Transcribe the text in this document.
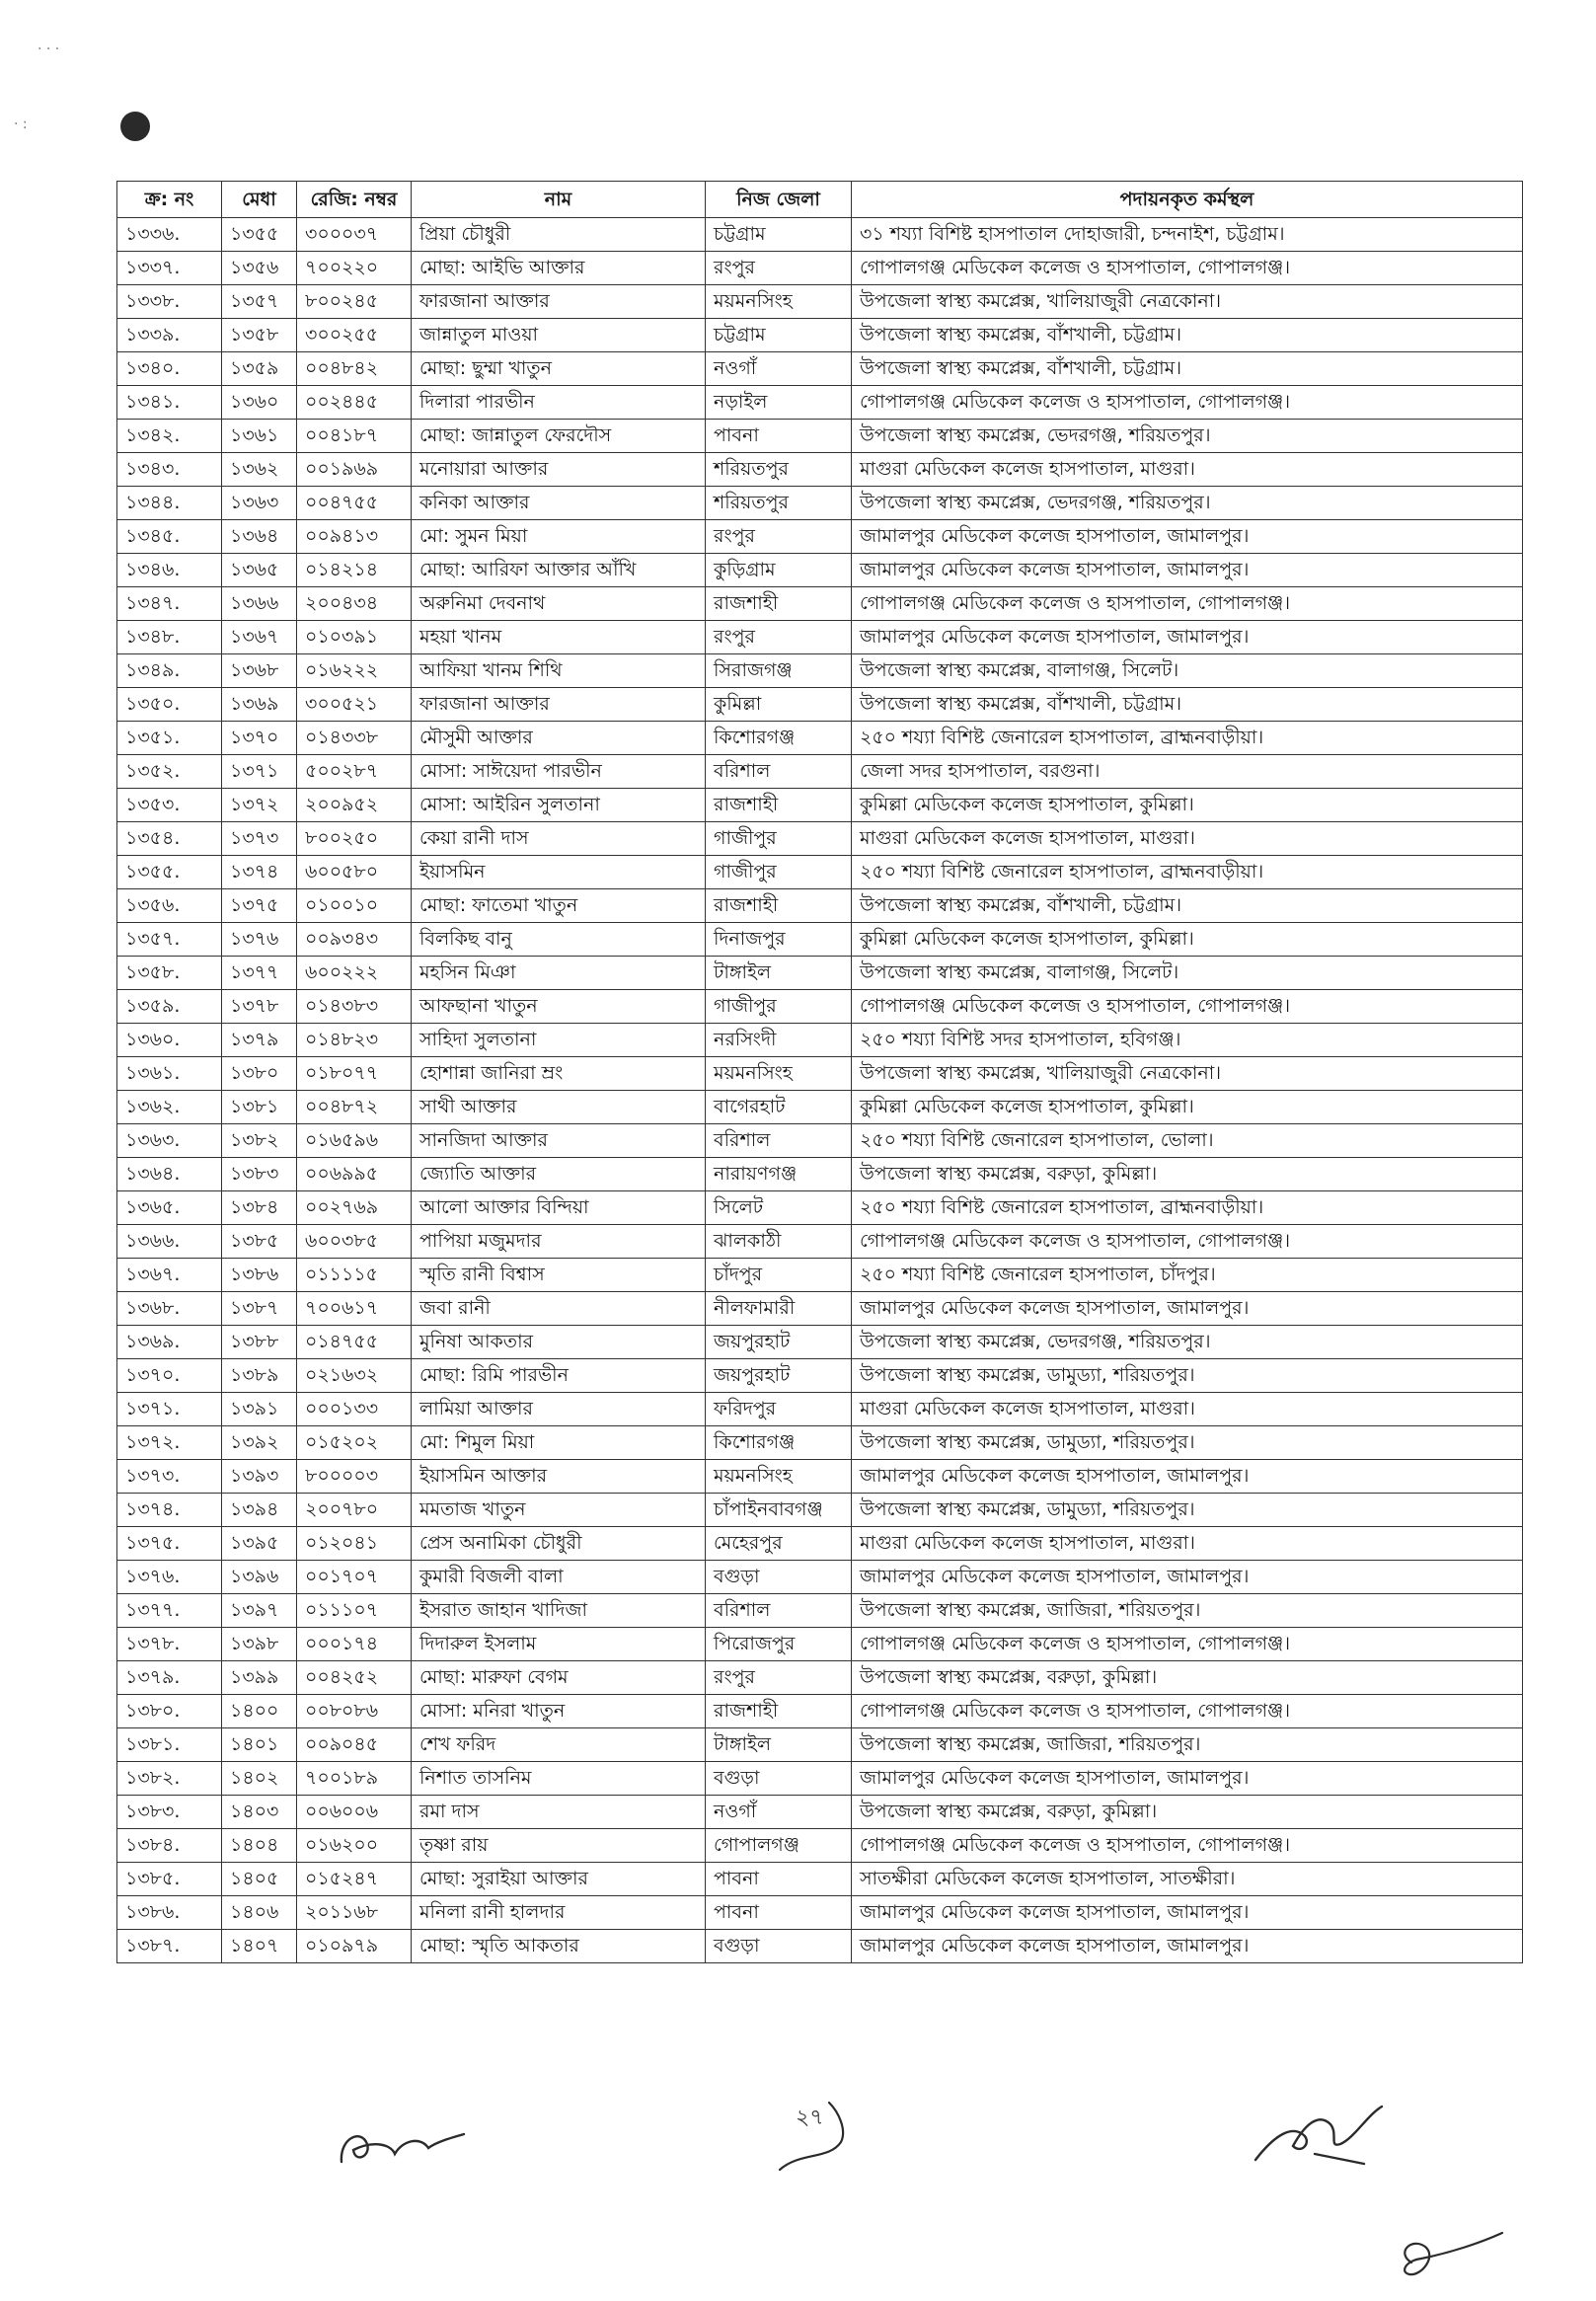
· · ·
· :
ক্র: নং	মেধা	রেজি: নম্বর	নাম	নিজ জেলা	পদায়নকৃত কর্মস্থল
১৩৩৬.	১৩৫৫	৩০০০৩৭	প্রিয়া চৌধুরী	চট্টগ্রাম	৩১ শয্যা বিশিষ্ট হাসপাতাল দোহাজারী, চন্দনাইশ, চট্টগ্রাম।
১৩৩৭.	১৩৫৬	৭০০২২০	মোছা: আইভি আক্তার	রংপুর	গোপালগঞ্জ মেডিকেল কলেজ ও হাসপাতাল, গোপালগঞ্জ।
১৩৩৮.	১৩৫৭	৮০০২৪৫	ফারজানা আক্তার	ময়মনসিংহ	উপজেলা স্বাস্থ্য কমপ্লেক্স, খালিয়াজুরী নেত্রকোনা।
১৩৩৯.	১৩৫৮	৩০০২৫৫	জান্নাতুল মাওয়া	চট্টগ্রাম	উপজেলা স্বাস্থ্য কমপ্লেক্স, বাঁশখালী, চট্টগ্রাম।
১৩৪০.	১৩৫৯	০০৪৮৪২	মোছা: ছুম্মা খাতুন	নওগাঁ	উপজেলা স্বাস্থ্য কমপ্লেক্স, বাঁশখালী, চট্টগ্রাম।
১৩৪১.	১৩৬০	০০২৪৪৫	দিলারা পারভীন	নড়াইল	গোপালগঞ্জ মেডিকেল কলেজ ও হাসপাতাল, গোপালগঞ্জ।
১৩৪২.	১৩৬১	০০৪১৮৭	মোছা: জান্নাতুল ফেরদৌস	পাবনা	উপজেলা স্বাস্থ্য কমপ্লেক্স, ভেদরগঞ্জ, শরিয়তপুর।
১৩৪৩.	১৩৬২	০০১৯৬৯	মনোয়ারা আক্তার	শরিয়তপুর	মাগুরা মেডিকেল কলেজ হাসপাতাল, মাগুরা।
১৩৪৪.	১৩৬৩	০০৪৭৫৫	কনিকা আক্তার	শরিয়তপুর	উপজেলা স্বাস্থ্য কমপ্লেক্স, ভেদরগঞ্জ, শরিয়তপুর।
১৩৪৫.	১৩৬৪	০০৯৪১৩	মো: সুমন মিয়া	রংপুর	জামালপুর মেডিকেল কলেজ হাসপাতাল, জামালপুর।
১৩৪৬.	১৩৬৫	০১৪২১৪	মোছা: আরিফা আক্তার আঁখি	কুড়িগ্রাম	জামালপুর মেডিকেল কলেজ হাসপাতাল, জামালপুর।
১৩৪৭.	১৩৬৬	২০০৪৩৪	অরুনিমা দেবনাথ	রাজশাহী	গোপালগঞ্জ মেডিকেল কলেজ ও হাসপাতাল, গোপালগঞ্জ।
১৩৪৮.	১৩৬৭	০১০৩৯১	মহয়া খানম	রংপুর	জামালপুর মেডিকেল কলেজ হাসপাতাল, জামালপুর।
১৩৪৯.	১৩৬৮	০১৬২২২	আফিয়া খানম শিথি	সিরাজগঞ্জ	উপজেলা স্বাস্থ্য কমপ্লেক্স, বালাগঞ্জ, সিলেট।
১৩৫০.	১৩৬৯	৩০০৫২১	ফারজানা আক্তার	কুমিল্লা	উপজেলা স্বাস্থ্য কমপ্লেক্স, বাঁশখালী, চট্টগ্রাম।
১৩৫১.	১৩৭০	০১৪৩৩৮	মৌসুমী আক্তার	কিশোরগঞ্জ	২৫০ শয্যা বিশিষ্ট জেনারেল হাসপাতাল, ব্রাহ্মনবাড়ীয়া।
১৩৫২.	১৩৭১	৫০০২৮৭	মোসা: সাঈয়েদা পারভীন	বরিশাল	জেলা সদর হাসপাতাল, বরগুনা।
১৩৫৩.	১৩৭২	২০০৯৫২	মোসা: আইরিন সুলতানা	রাজশাহী	কুমিল্লা মেডিকেল কলেজ হাসপাতাল, কুমিল্লা।
১৩৫৪.	১৩৭৩	৮০০২৫০	কেয়া রানী দাস	গাজীপুর	মাগুরা মেডিকেল কলেজ হাসপাতাল, মাগুরা।
১৩৫৫.	১৩৭৪	৬০০৫৮০	ইয়াসমিন	গাজীপুর	২৫০ শয্যা বিশিষ্ট জেনারেল হাসপাতাল, ব্রাহ্মনবাড়ীয়া।
১৩৫৬.	১৩৭৫	০১০০১০	মোছা: ফাতেমা খাতুন	রাজশাহী	উপজেলা স্বাস্থ্য কমপ্লেক্স, বাঁশখালী, চট্টগ্রাম।
১৩৫৭.	১৩৭৬	০০৯৩৪৩	বিলকিছ বানু	দিনাজপুর	কুমিল্লা মেডিকেল কলেজ হাসপাতাল, কুমিল্লা।
১৩৫৮.	১৩৭৭	৬০০২২২	মহসিন মিঞা	টাঙ্গাইল	উপজেলা স্বাস্থ্য কমপ্লেক্স, বালাগঞ্জ, সিলেট।
১৩৫৯.	১৩৭৮	০১৪৩৮৩	আফছানা খাতুন	গাজীপুর	গোপালগঞ্জ মেডিকেল কলেজ ও হাসপাতাল, গোপালগঞ্জ।
১৩৬০.	১৩৭৯	০১৪৮২৩	সাহিদা সুলতানা	নরসিংদী	২৫০ শয্যা বিশিষ্ট সদর হাসপাতাল, হবিগঞ্জ।
১৩৬১.	১৩৮০	০১৮০৭৭	হোশান্না জানিরা ম্রং	ময়মনসিংহ	উপজেলা স্বাস্থ্য কমপ্লেক্স, খালিয়াজুরী নেত্রকোনা।
১৩৬২.	১৩৮১	০০৪৮৭২	সাথী আক্তার	বাগেরহাট	কুমিল্লা মেডিকেল কলেজ হাসপাতাল, কুমিল্লা।
১৩৬৩.	১৩৮২	০১৬৫৯৬	সানজিদা আক্তার	বরিশাল	২৫০ শয্যা বিশিষ্ট জেনারেল হাসপাতাল, ভোলা।
১৩৬৪.	১৩৮৩	০০৬৯৯৫	জ্যোতি আক্তার	নারায়ণগঞ্জ	উপজেলা স্বাস্থ্য কমপ্লেক্স, বরুড়া, কুমিল্লা।
১৩৬৫.	১৩৮৪	০০২৭৬৯	আলো আক্তার বিন্দিয়া	সিলেট	২৫০ শয্যা বিশিষ্ট জেনারেল হাসপাতাল, ব্রাহ্মনবাড়ীয়া।
১৩৬৬.	১৩৮৫	৬০০৩৮৫	পাপিয়া মজুমদার	ঝালকাঠী	গোপালগঞ্জ মেডিকেল কলেজ ও হাসপাতাল, গোপালগঞ্জ।
১৩৬৭.	১৩৮৬	০১১১১৫	স্মৃতি রানী বিশ্বাস	চাঁদপুর	২৫০ শয্যা বিশিষ্ট জেনারেল হাসপাতাল, চাঁদপুর।
১৩৬৮.	১৩৮৭	৭০০৬১৭	জবা রানী	নীলফামারী	জামালপুর মেডিকেল কলেজ হাসপাতাল, জামালপুর।
১৩৬৯.	১৩৮৮	০১৪৭৫৫	মুনিষা আকতার	জয়পুরহাট	উপজেলা স্বাস্থ্য কমপ্লেক্স, ভেদরগঞ্জ, শরিয়তপুর।
১৩৭০.	১৩৮৯	০২১৬৩২	মোছা: রিমি পারভীন	জয়পুরহাট	উপজেলা স্বাস্থ্য কমপ্লেক্স, ডামুড্যা, শরিয়তপুর।
১৩৭১.	১৩৯১	০০০১৩৩	লামিয়া আক্তার	ফরিদপুর	মাগুরা মেডিকেল কলেজ হাসপাতাল, মাগুরা।
১৩৭২.	১৩৯২	০১৫২০২	মো: শিমুল মিয়া	কিশোরগঞ্জ	উপজেলা স্বাস্থ্য কমপ্লেক্স, ডামুড্যা, শরিয়তপুর।
১৩৭৩.	১৩৯৩	৮০০০০৩	ইয়াসমিন আক্তার	ময়মনসিংহ	জামালপুর মেডিকেল কলেজ হাসপাতাল, জামালপুর।
১৩৭৪.	১৩৯৪	২০০৭৮০	মমতাজ খাতুন	চাঁপাইনবাবগঞ্জ	উপজেলা স্বাস্থ্য কমপ্লেক্স, ডামুড্যা, শরিয়তপুর।
১৩৭৫.	১৩৯৫	০১২০৪১	প্রেস অনামিকা চৌধুরী	মেহেরপুর	মাগুরা মেডিকেল কলেজ হাসপাতাল, মাগুরা।
১৩৭৬.	১৩৯৬	০০১৭০৭	কুমারী বিজলী বালা	বগুড়া	জামালপুর মেডিকেল কলেজ হাসপাতাল, জামালপুর।
১৩৭৭.	১৩৯৭	০১১১০৭	ইসরাত জাহান খাদিজা	বরিশাল	উপজেলা স্বাস্থ্য কমপ্লেক্স, জাজিরা, শরিয়তপুর।
১৩৭৮.	১৩৯৮	০০০১৭৪	দিদারুল ইসলাম	পিরোজপুর	গোপালগঞ্জ মেডিকেল কলেজ ও হাসপাতাল, গোপালগঞ্জ।
১৩৭৯.	১৩৯৯	০০৪২৫২	মোছা: মারুফা বেগম	রংপুর	উপজেলা স্বাস্থ্য কমপ্লেক্স, বরুড়া, কুমিল্লা।
১৩৮০.	১৪০০	০০৮০৮৬	মোসা: মনিরা খাতুন	রাজশাহী	গোপালগঞ্জ মেডিকেল কলেজ ও হাসপাতাল, গোপালগঞ্জ।
১৩৮১.	১৪০১	০০৯০৪৫	শেখ ফরিদ	টাঙ্গাইল	উপজেলা স্বাস্থ্য কমপ্লেক্স, জাজিরা, শরিয়তপুর।
১৩৮২.	১৪০২	৭০০১৮৯	নিশাত তাসনিম	বগুড়া	জামালপুর মেডিকেল কলেজ হাসপাতাল, জামালপুর।
১৩৮৩.	১৪০৩	০০৬০০৬	রমা দাস	নওগাঁ	উপজেলা স্বাস্থ্য কমপ্লেক্স, বরুড়া, কুমিল্লা।
১৩৮৪.	১৪০৪	০১৬২০০	তৃষ্ণা রায়	গোপালগঞ্জ	গোপালগঞ্জ মেডিকেল কলেজ ও হাসপাতাল, গোপালগঞ্জ।
১৩৮৫.	১৪০৫	০১৫২৪৭	মোছা: সুরাইয়া আক্তার	পাবনা	সাতক্ষীরা মেডিকেল কলেজ হাসপাতাল, সাতক্ষীরা।
১৩৮৬.	১৪০৬	২০১১৬৮	মনিলা রানী হালদার	পাবনা	জামালপুর মেডিকেল কলেজ হাসপাতাল, জামালপুর।
১৩৮৭.	১৪০৭	০১০৯৭৯	মোছা: স্মৃতি আকতার	বগুড়া	জামালপুর মেডিকেল কলেজ হাসপাতাল, জামালপুর।
২৭
